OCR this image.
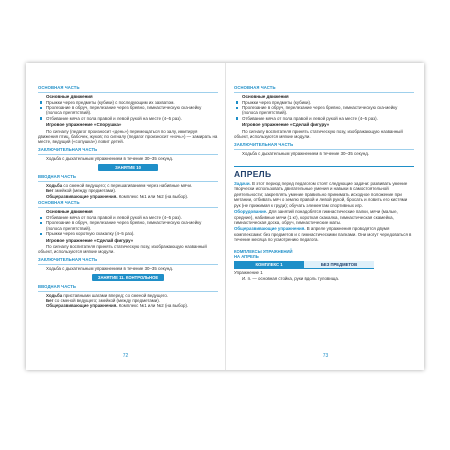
ОСНОВНАЯ ЧАСТЬ
Основные движения
Прыжки через предметы (кубики) с последующим их захватом.
Пролезание в обруч, перелезание через бревно, гимнастическую ска-мейку (полоса препятствий).
Отбивание мяча от пола правой и левой рукой на месте (4–5 раз).
Игровое упражнение «Спорушка»
По сигналу (педагог произносит «день») перемещаться по залу, имитируя движения птиц, бабочек, жуков; по сигналу (педагог произносит «ночь») — замирать на месте, ведущий («сопушка») ловит детей.
ЗАКЛЮЧИТЕЛЬНАЯ ЧАСТЬ
Ходьба с дыхательным упражнением в течение 30–35 секунд.
ЗАНЯТИЕ 10
ВВОДНАЯ ЧАСТЬ
Ходьба со сменой ведущего; с перешагиванием через набивные мячи.
Бег змейкой (между предметами).
Общеразвивающие упражнения. Комплекс №1 или №2 (на выбор).
ОСНОВНАЯ ЧАСТЬ
Основные движения
Отбивание мяча от пола правой и левой рукой на месте (4–5 раз).
Пролезание в обруч, перелезание через бревно, гимнастическую ска-мейку (полоса препятствий).
Прыжки через короткую скакалку (4–5 раз).
Игровое упражнение «Сделай фигуру»
По сигналу воспитателя принять статическую позу, изображающую названный объект, используются мягкие модули.
ЗАКЛЮЧИТЕЛЬНАЯ ЧАСТЬ
Ходьба с дыхательным упражнением в течение 30–35 секунд.
ЗАНЯТИЕ 11. КОНТРОЛЬНОЕ
ВВОДНАЯ ЧАСТЬ
Ходьба приставными шагами вперед; со сменой ведущего.
Бег со сменой ведущего; змейкой (между предметами).
Общеразвивающие упражнения. Комплекс №1 или №2 (на выбор).
72
ОСНОВНАЯ ЧАСТЬ
Основные движения
Прыжки через предметы (кубики).
Пролезание в обруч, перелезание через бревно, гимнастическую ска-мейку (полоса препятствий).
Отбивание мяча от пола правой и левой рукой на месте (4–5 раз).
Игровое упражнение «Сделай фигуру»
По сигналу воспитателя принять статическую позу, изображающую названный объект, используются мягкие модули.
ЗАКЛЮЧИТЕЛЬНАЯ ЧАСТЬ
Ходьба с дыхательным упражнением в течение 30–35 секунд.
АПРЕЛЬ
Задачи. В этот период перед педагогом стоят следующие задачи: развивать умение творчески использовать двигательные умения и навыки в самостоятельной деятельности; закреплять умение правильно принимать исходное положение при метании, отбивать мяч о землю правой и левой рукой, бросать и ловить его кистями рук (не прижимая к груди); обучать элементам спортивных игр.
Оборудование. Для занятий понадобятся гимнастические палки, мячи (малые, средние), набивные мячи (1 кг), короткая скакалка, гимнастическая скамейка, гимнастическая доска, обруч, гимнастические маты.
Общеразвивающие упражнения. В апреле упражнения проводятся двумя комплексами: без предметов и с гимнастическими палками. Они могут чередоваться в течение месяца по усмотрению педагога.
КОМПЛЕКСЫ УПРАЖНЕНИЙ
НА АПРЕЛЬ
КОМПЛЕКС 1	БЕЗ ПРЕДМЕТОВ
Упражнение 1
И. п. — основная стойка, руки вдоль туловища.
73
